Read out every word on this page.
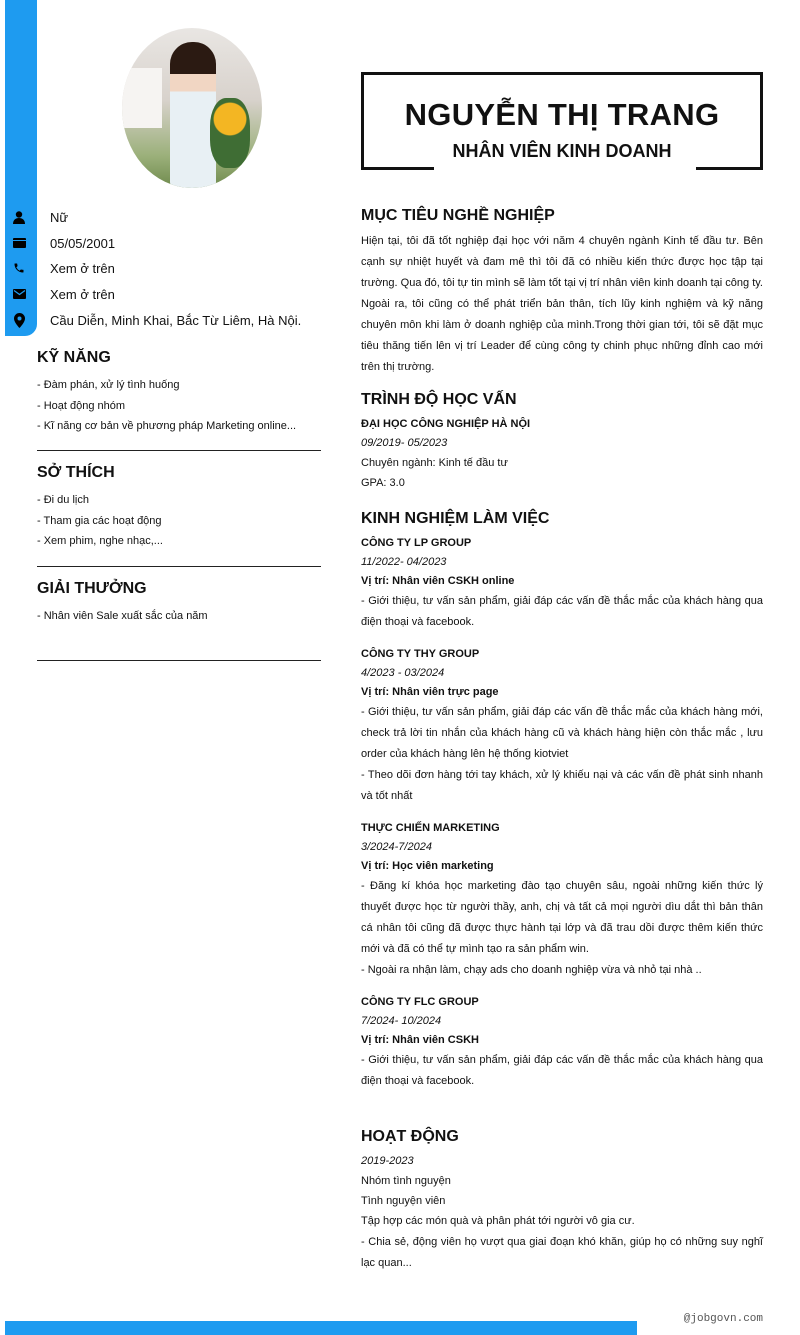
Nữ
05/05/2001
Xem ở trên
Xem ở trên
Cầu Diễn, Minh Khai, Bắc Từ Liêm, Hà Nội.
KỸ NĂNG
- Đàm phán, xử lý tình huống
- Hoạt động nhóm
- Kĩ năng cơ bản về phương pháp Marketing online...
SỞ THÍCH
- Đi du lịch
- Tham gia các hoạt động
- Xem phim, nghe nhạc,...
GIẢI THƯỞNG
- Nhân viên Sale xuất sắc của năm
NGUYỄN THỊ TRANG
NHÂN VIÊN KINH DOANH
MỤC TIÊU NGHỀ NGHIỆP
Hiện tại, tôi đã tốt nghiệp đại học với năm 4 chuyên ngành Kinh tế đầu tư. Bên cạnh sự nhiệt huyết và đam mê thì tôi đã có nhiều kiến thức được học tập tại trường. Qua đó, tôi tự tin mình sẽ làm tốt tại vị trí nhân viên kinh doanh tại công ty. Ngoài ra, tôi cũng có thể phát triển bản thân, tích lũy kinh nghiệm và kỹ năng chuyên môn khi làm ở doanh nghiệp của mình.Trong thời gian tới, tôi sẽ đặt mục tiêu thăng tiến lên vị trí Leader để cùng công ty chinh phục những đỉnh cao mới trên thị trường.
TRÌNH ĐỘ HỌC VẤN
ĐẠI HỌC CÔNG NGHIỆP HÀ NỘI
09/2019- 05/2023
Chuyên ngành: Kinh tế đầu tư
GPA: 3.0
KINH NGHIỆM LÀM VIỆC
CÔNG TY LP GROUP
11/2022- 04/2023
Vị trí: Nhân viên CSKH online
- Giới thiệu, tư vấn sản phẩm, giải đáp các vấn đề thắc mắc của khách hàng qua điện thoại và facebook.
CÔNG TY THY GROUP
4/2023 - 03/2024
Vị trí: Nhân viên trực page
- Giới thiệu, tư vấn sản phẩm, giải đáp các vấn đề thắc mắc của khách hàng mới, check trả lời tin nhắn của khách hàng cũ và khách hàng hiện còn thắc mắc , lưu order của khách hàng lên hệ thống kiotviet
- Theo dõi đơn hàng tới tay khách, xử lý khiếu nại và các vấn đề phát sinh nhanh và tốt nhất
THỰC CHIẾN MARKETING
3/2024-7/2024
Vị trí: Học viên marketing
- Đăng kí khóa học marketing đào tạo chuyên sâu, ngoài những kiến thức lý thuyết được học từ người thầy, anh, chị và tất cả mọi người dìu dắt thì bản thân cá nhân tôi cũng đã được thực hành tại lớp và đã trau dồi được thêm kiến thức mới và đã có thể tự mình tạo ra sản phẩm win.
- Ngoài ra nhận làm, chạy ads cho doanh nghiệp vừa và nhỏ tại nhà ..
CÔNG TY FLC GROUP
7/2024- 10/2024
Vị trí: Nhân viên CSKH
- Giới thiệu, tư vấn sản phẩm, giải đáp các vấn đề thắc mắc của khách hàng qua điện thoại và facebook.
HOẠT ĐỘNG
2019-2023
Nhóm tình nguyện
Tình nguyện viên
Tập hợp các món quà và phân phát tới người vô gia cư.
- Chia sẻ, động viên họ vượt qua giai đoạn khó khăn, giúp họ có những suy nghĩ lạc quan...
@jobgovn.com
